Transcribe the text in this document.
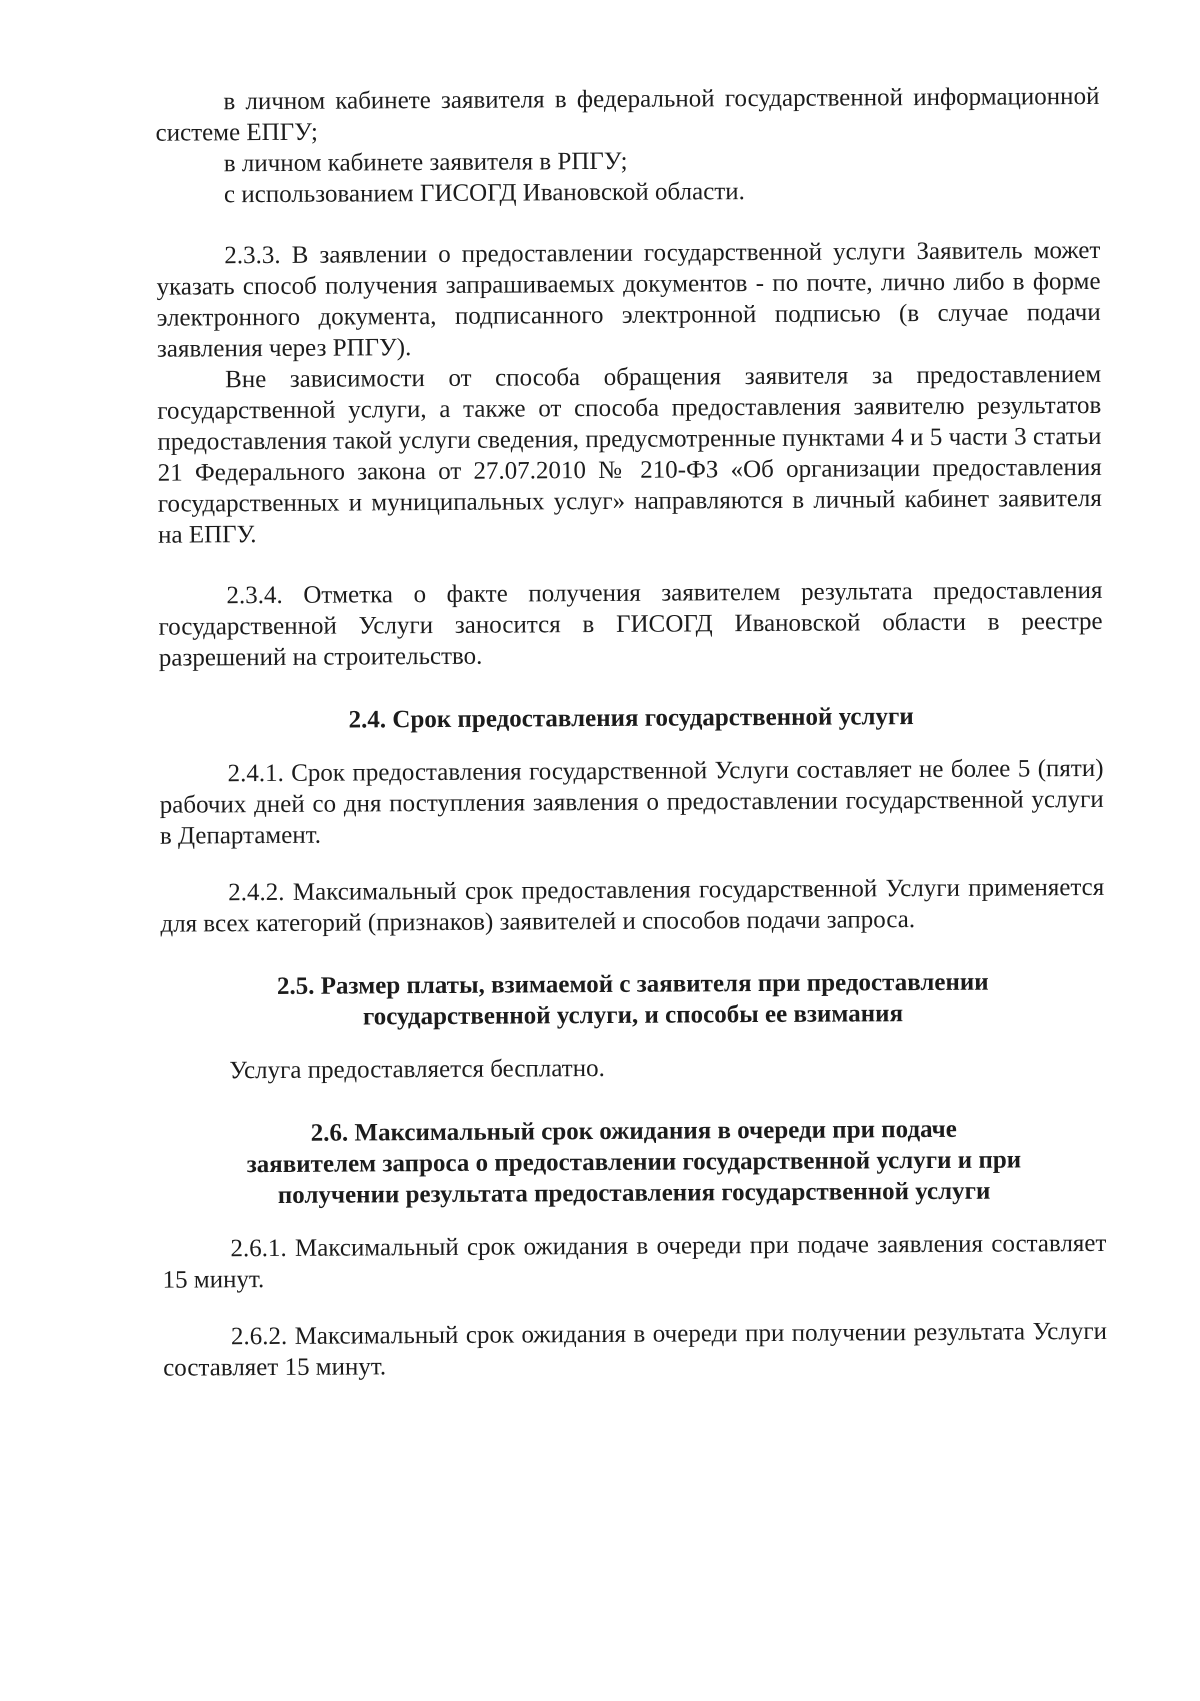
в личном кабинете заявителя в федеральной государственной информационной системе ЕПГУ;

в личном кабинете заявителя в РПГУ;

с использованием ГИСОГД Ивановской области.

2.3.3. В заявлении о предоставлении государственной услуги Заявитель может указать способ получения запрашиваемых документов - по почте, лично либо в форме электронного документа, подписанного электронной подписью (в случае подачи заявления через РПГУ).

Вне зависимости от способа обращения заявителя за предоставлением государственной услуги, а также от способа предоставления заявителю результатов предоставления такой услуги сведения, предусмотренные пунктами 4 и 5 части 3 статьи 21 Федерального закона от 27.07.2010 № 210-ФЗ «Об организации предоставления государственных и муниципальных услуг» направляются в личный кабинет заявителя на ЕПГУ.

2.3.4. Отметка о факте получения заявителем результата предоставления государственной Услуги заносится в ГИСОГД Ивановской области в реестре разрешений на строительство.

2.4. Срок предоставления государственной услуги

2.4.1. Срок предоставления государственной Услуги составляет не более 5 (пяти) рабочих дней со дня поступления заявления о предоставлении государственной услуги в Департамент.

2.4.2. Максимальный срок предоставления государственной Услуги применяется для всех категорий (признаков) заявителей и способов подачи запроса.

2.5. Размер платы, взимаемой с заявителя при предоставлении
государственной услуги, и способы ее взимания

Услуга предоставляется бесплатно.

2.6. Максимальный срок ожидания в очереди при подаче
заявителем запроса о предоставлении государственной услуги и при
получении результата предоставления государственной услуги

2.6.1. Максимальный срок ожидания в очереди при подаче заявления составляет 15 минут.

2.6.2. Максимальный срок ожидания в очереди при получении результата Услуги составляет 15 минут.
